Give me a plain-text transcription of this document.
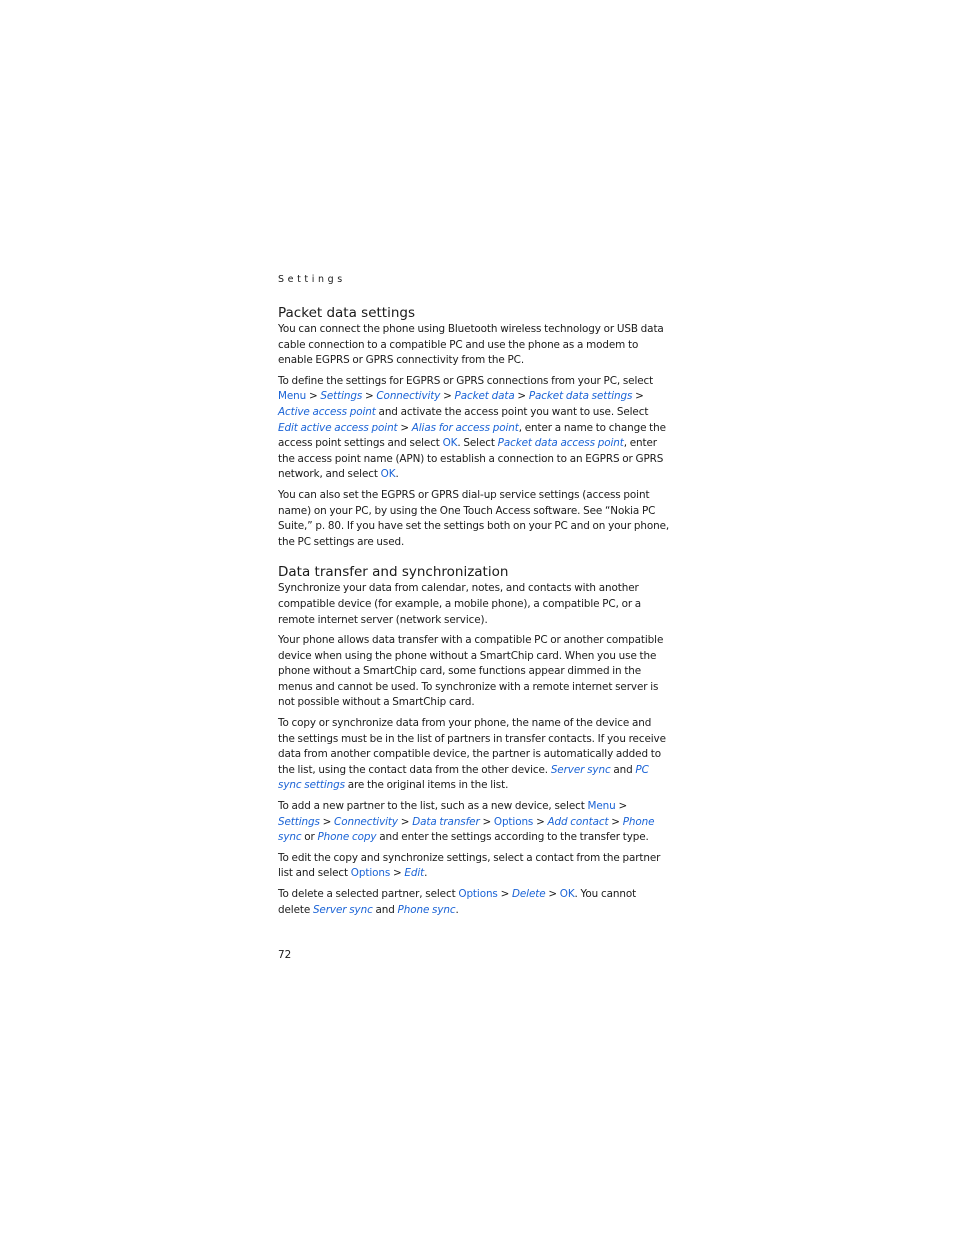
Settings
Packet data settings

You can connect the phone using Bluetooth wireless technology or USB data cable connection to a compatible PC and use the phone as a modem to enable EGPRS or GPRS connectivity from the PC.

To define the settings for EGPRS or GPRS connections from your PC, select Menu > Settings > Connectivity > Packet data > Packet data settings > Active access point and activate the access point you want to use. Select Edit active access point > Alias for access point, enter a name to change the access point settings and select OK. Select Packet data access point, enter the access point name (APN) to establish a connection to an EGPRS or GPRS network, and select OK.

You can also set the EGPRS or GPRS dial-up service settings (access point name) on your PC, by using the One Touch Access software. See “Nokia PC Suite,” p. 80. If you have set the settings both on your PC and on your phone, the PC settings are used.

Data transfer and synchronization

Synchronize your data from calendar, notes, and contacts with another compatible device (for example, a mobile phone), a compatible PC, or a remote internet server (network service).

Your phone allows data transfer with a compatible PC or another compatible device when using the phone without a SmartChip card. When you use the phone without a SmartChip card, some functions appear dimmed in the menus and cannot be used. To synchronize with a remote internet server is not possible without a SmartChip card.

To copy or synchronize data from your phone, the name of the device and the settings must be in the list of partners in transfer contacts. If you receive data from another compatible device, the partner is automatically added to the list, using the contact data from the other device. Server sync and PC sync settings are the original items in the list.

To add a new partner to the list, such as a new device, select Menu > Settings > Connectivity > Data transfer > Options > Add contact > Phone sync or Phone copy and enter the settings according to the transfer type.

To edit the copy and synchronize settings, select a contact from the partner list and select Options > Edit.

To delete a selected partner, select Options > Delete > OK. You cannot delete Server sync and Phone sync.

72
